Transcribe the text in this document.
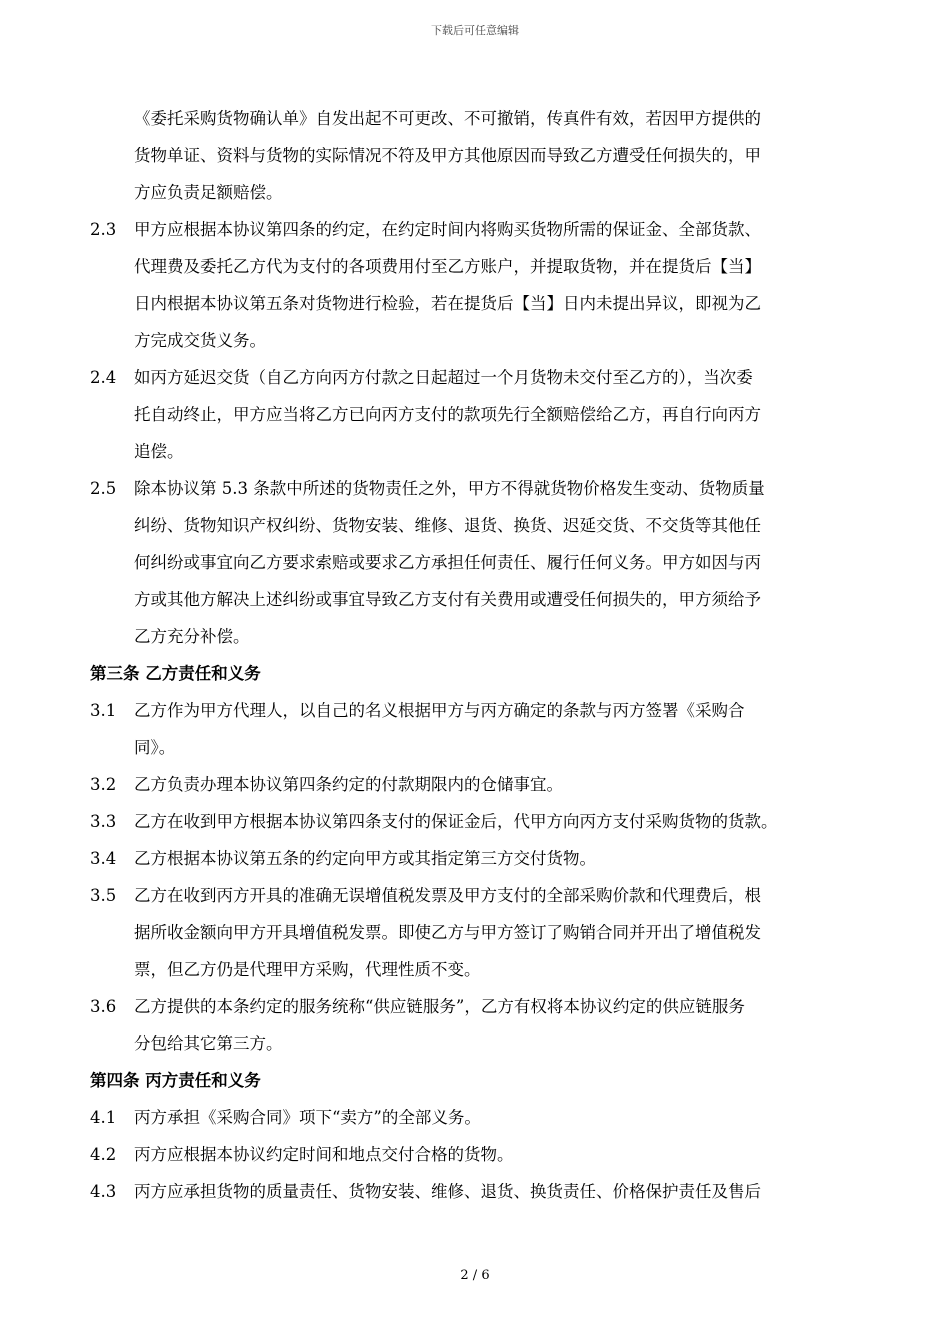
下载后可任意编辑
《委托采购货物确认单》自发出起不可更改、不可撤销，传真件有效，若因甲方提供的
货物单证、资料与货物的实际情况不符及甲方其他原因而导致乙方遭受任何损失的，甲
方应负责足额赔偿。
2.3 甲方应根据本协议第四条的约定，在约定时间内将购买货物所需的保证金、全部货款、
代理费及委托乙方代为支付的各项费用付至乙方账户，并提取货物，并在提货后【当】
日内根据本协议第五条对货物进行检验，若在提货后【当】日内未提出异议，即视为乙
方完成交货义务。
2.4 如丙方延迟交货（自乙方向丙方付款之日起超过一个月货物未交付至乙方的），当次委
托自动终止，甲方应当将乙方已向丙方支付的款项先行全额赔偿给乙方，再自行向丙方
追偿。
2.5 除本协议第 5.3 条款中所述的货物责任之外，甲方不得就货物价格发生变动、货物质量
纠纷、货物知识产权纠纷、货物安装、维修、退货、换货、迟延交货、不交货等其他任
何纠纷或事宜向乙方要求索赔或要求乙方承担任何责任、履行任何义务。甲方如因与丙
方或其他方解决上述纠纷或事宜导致乙方支付有关费用或遭受任何损失的，甲方须给予
乙方充分补偿。
第三条 乙方责任和义务
3.1 乙方作为甲方代理人，以自己的名义根据甲方与丙方确定的条款与丙方签署《采购合
同》。
3.2 乙方负责办理本协议第四条约定的付款期限内的仓储事宜。
3.3 乙方在收到甲方根据本协议第四条支付的保证金后，代甲方向丙方支付采购货物的货款。
3.4 乙方根据本协议第五条的约定向甲方或其指定第三方交付货物。
3.5 乙方在收到丙方开具的准确无误增值税发票及甲方支付的全部采购价款和代理费后，根
据所收金额向甲方开具增值税发票。即使乙方与甲方签订了购销合同并开出了增值税发
票，但乙方仍是代理甲方采购，代理性质不变。
3.6 乙方提供的本条约定的服务统称“供应链服务”，乙方有权将本协议约定的供应链服务
分包给其它第三方。
第四条 丙方责任和义务
4.1 丙方承担《采购合同》项下“卖方”的全部义务。
4.2 丙方应根据本协议约定时间和地点交付合格的货物。
4.3 丙方应承担货物的质量责任、货物安装、维修、退货、换货责任、价格保护责任及售后
2 / 6
